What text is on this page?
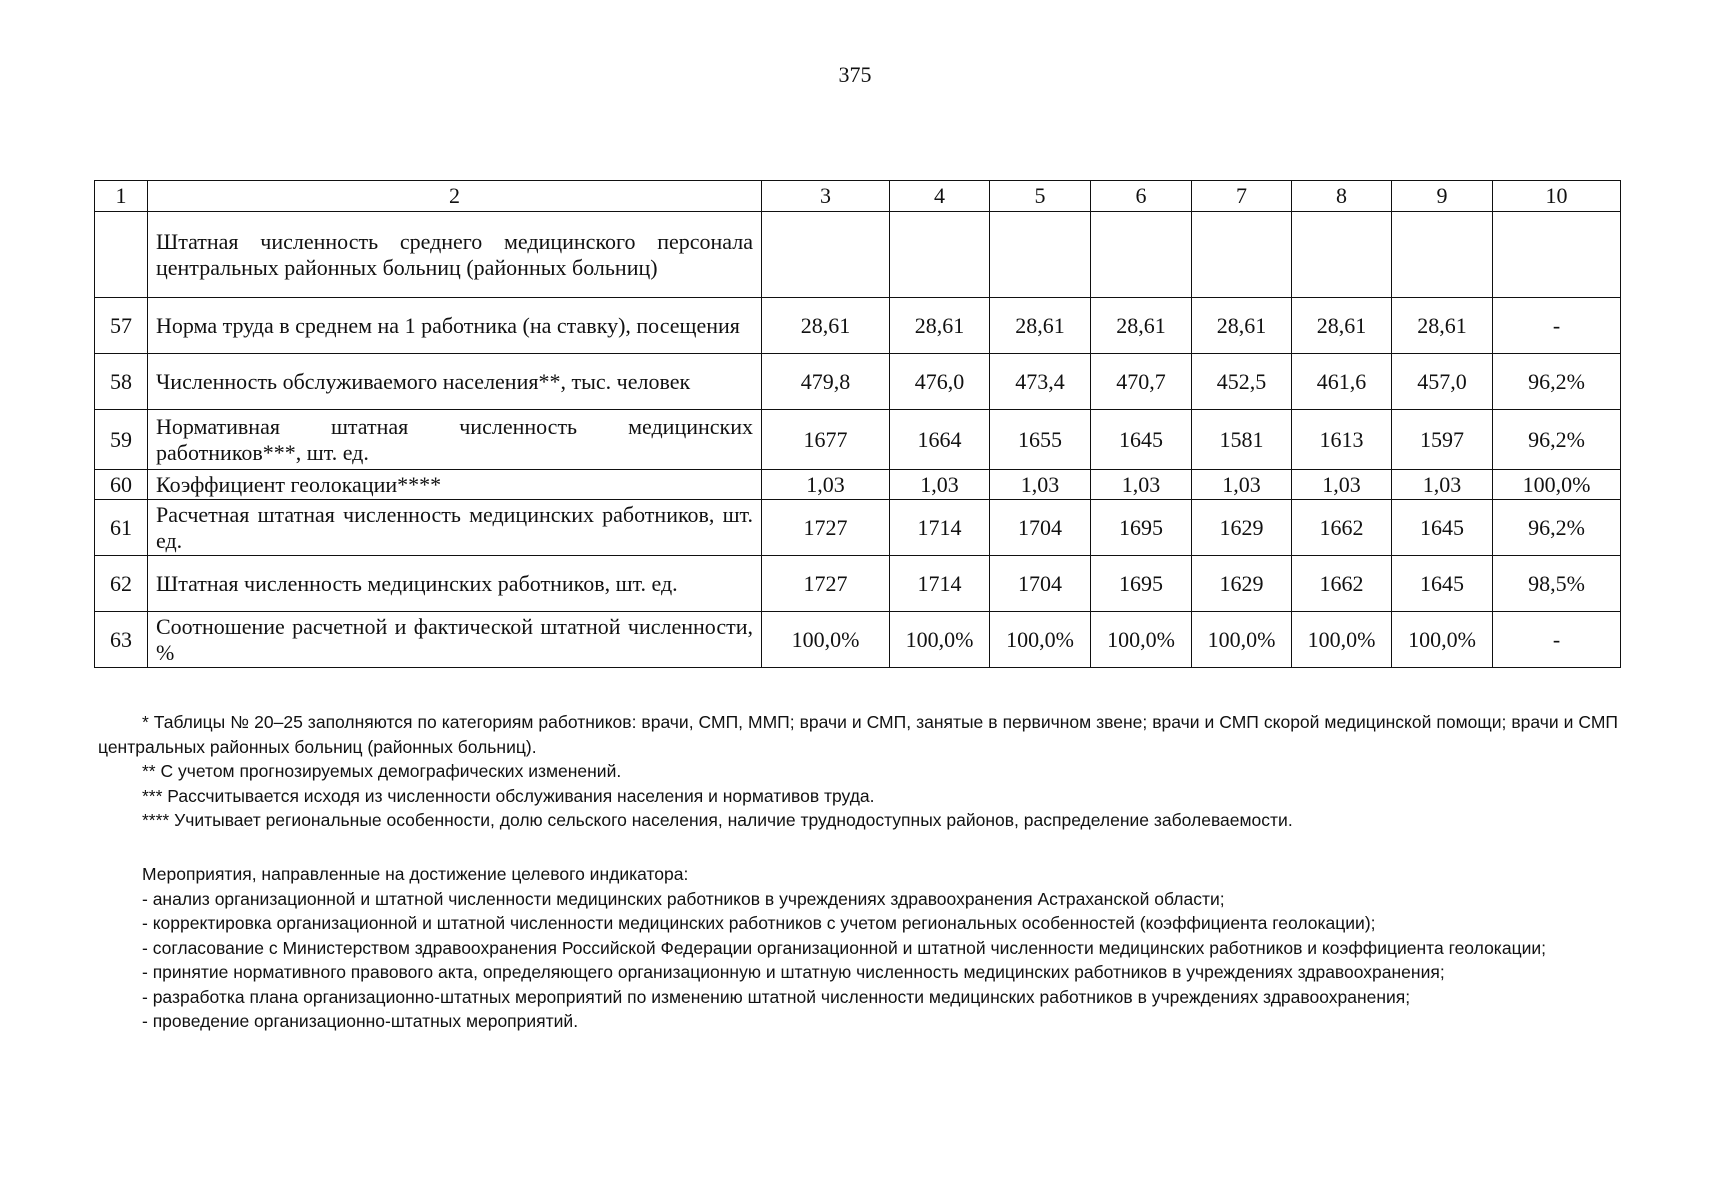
375
1	2	3	4	5	6	7	8	9	10
	Штатная численность среднего медицинского персонала центральных районных больниц (районных больниц)								
57	Норма труда в среднем на 1 работника (на ставку), посещения	28,61	28,61	28,61	28,61	28,61	28,61	28,61	-
58	Численность обслуживаемого населения**, тыс. человек	479,8	476,0	473,4	470,7	452,5	461,6	457,0	96,2%
59	Нормативная штатная численность медицинских работников***, шт. ед.	1677	1664	1655	1645	1581	1613	1597	96,2%
60	Коэффициент геолокации****	1,03	1,03	1,03	1,03	1,03	1,03	1,03	100,0%
61	Расчетная штатная численность медицинских работников, шт. ед.	1727	1714	1704	1695	1629	1662	1645	96,2%
62	Штатная численность медицинских работников, шт. ед.	1727	1714	1704	1695	1629	1662	1645	98,5%
63	Соотношение расчетной и фактической штатной численности, %	100,0%	100,0%	100,0%	100,0%	100,0%	100,0%	100,0%	-

* Таблицы № 20–25 заполняются по категориям работников: врачи, СМП, ММП; врачи и СМП, занятые в первичном звене; врачи и СМП скорой медицинской помощи; врачи и СМП центральных районных больниц (районных больниц).

** С учетом прогнозируемых демографических изменений.

*** Рассчитывается исходя из численности обслуживания населения и нормативов труда.

**** Учитывает региональные особенности, долю сельского населения, наличие труднодоступных районов, распределение заболеваемости.

Мероприятия, направленные на достижение целевого индикатора:

- анализ организационной и штатной численности медицинских работников в учреждениях здравоохранения Астраханской области;

- корректировка организационной и штатной численности медицинских работников с учетом региональных особенностей (коэффициента геолокации);

- согласование с Министерством здравоохранения Российской Федерации организационной и штатной численности медицинских работников и коэффициента геолокации;

- принятие нормативного правового акта, определяющего организационную и штатную численность медицинских работников в учреждениях здравоохранения;

- разработка плана организационно-штатных мероприятий по изменению штатной численности медицинских работников в учреждениях здравоохранения;

- проведение организационно-штатных мероприятий.
